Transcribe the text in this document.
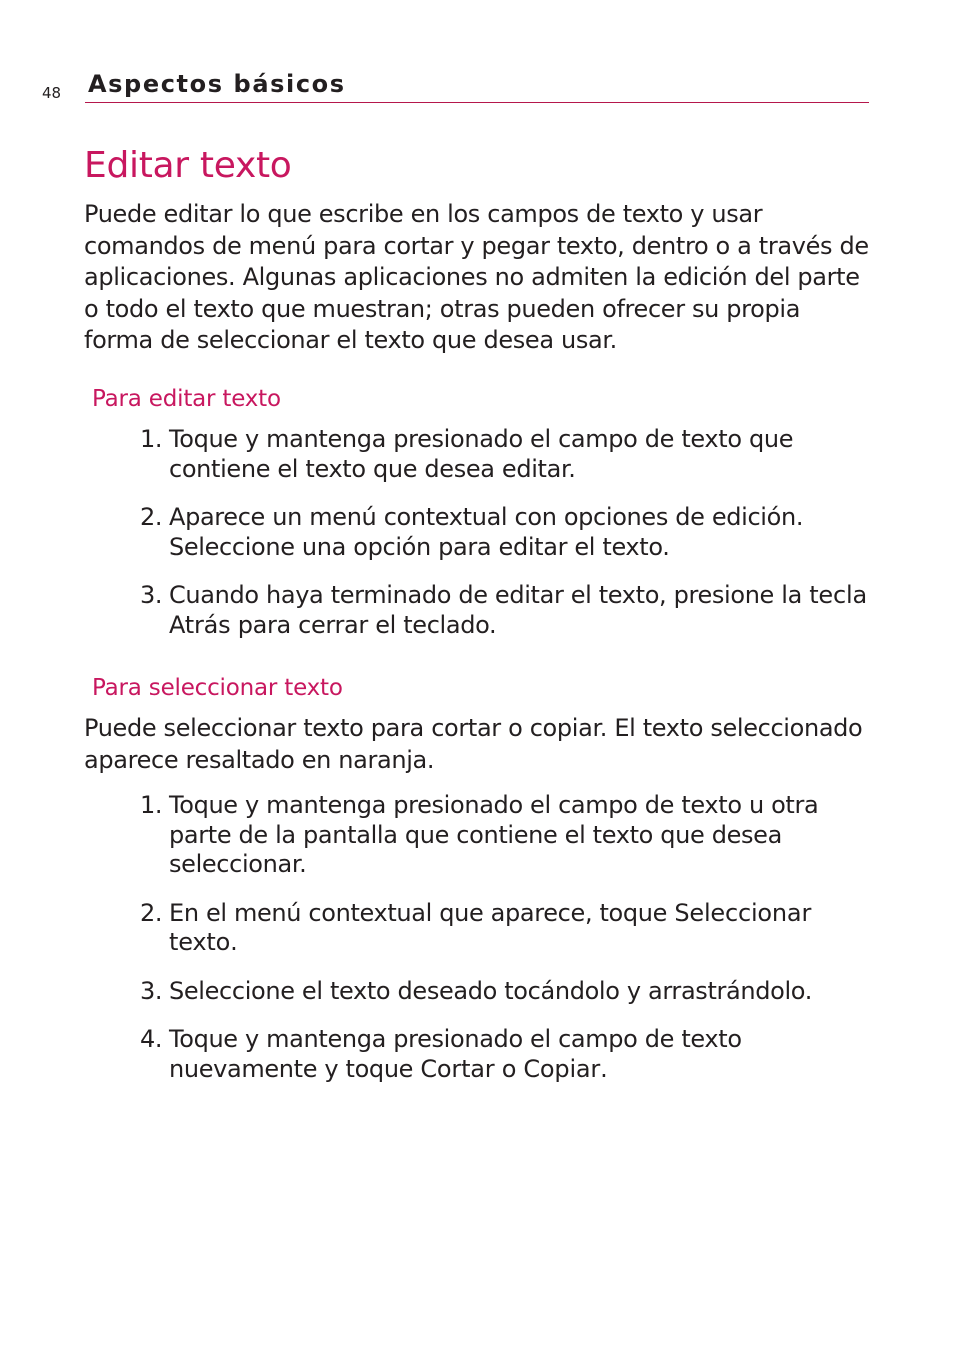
48 Aspectos básicos
Editar texto

Puede editar lo que escribe en los campos de texto y usar comandos de menú para cortar y pegar texto, dentro o a través de aplicaciones. Algunas aplicaciones no admiten la edición del parte o todo el texto que muestran; otras pueden ofrecer su propia forma de seleccionar el texto que desea usar.

Para editar texto
1. Toque y mantenga presionado el campo de texto que contiene el texto que desea editar.
2. Aparece un menú contextual con opciones de edición. Seleccione una opción para editar el texto.
3. Cuando haya terminado de editar el texto, presione la tecla Atrás para cerrar el teclado.
Para seleccionar texto

Puede seleccionar texto para cortar o copiar. El texto seleccionado aparece resaltado en naranja.

1. Toque y mantenga presionado el campo de texto u otra parte de la pantalla que contiene el texto que desea seleccionar.
2. En el menú contextual que aparece, toque Seleccionar texto.
3. Seleccione el texto deseado tocándolo y arrastrándolo.
4. Toque y mantenga presionado el campo de texto nuevamente y toque Cortar o Copiar.
